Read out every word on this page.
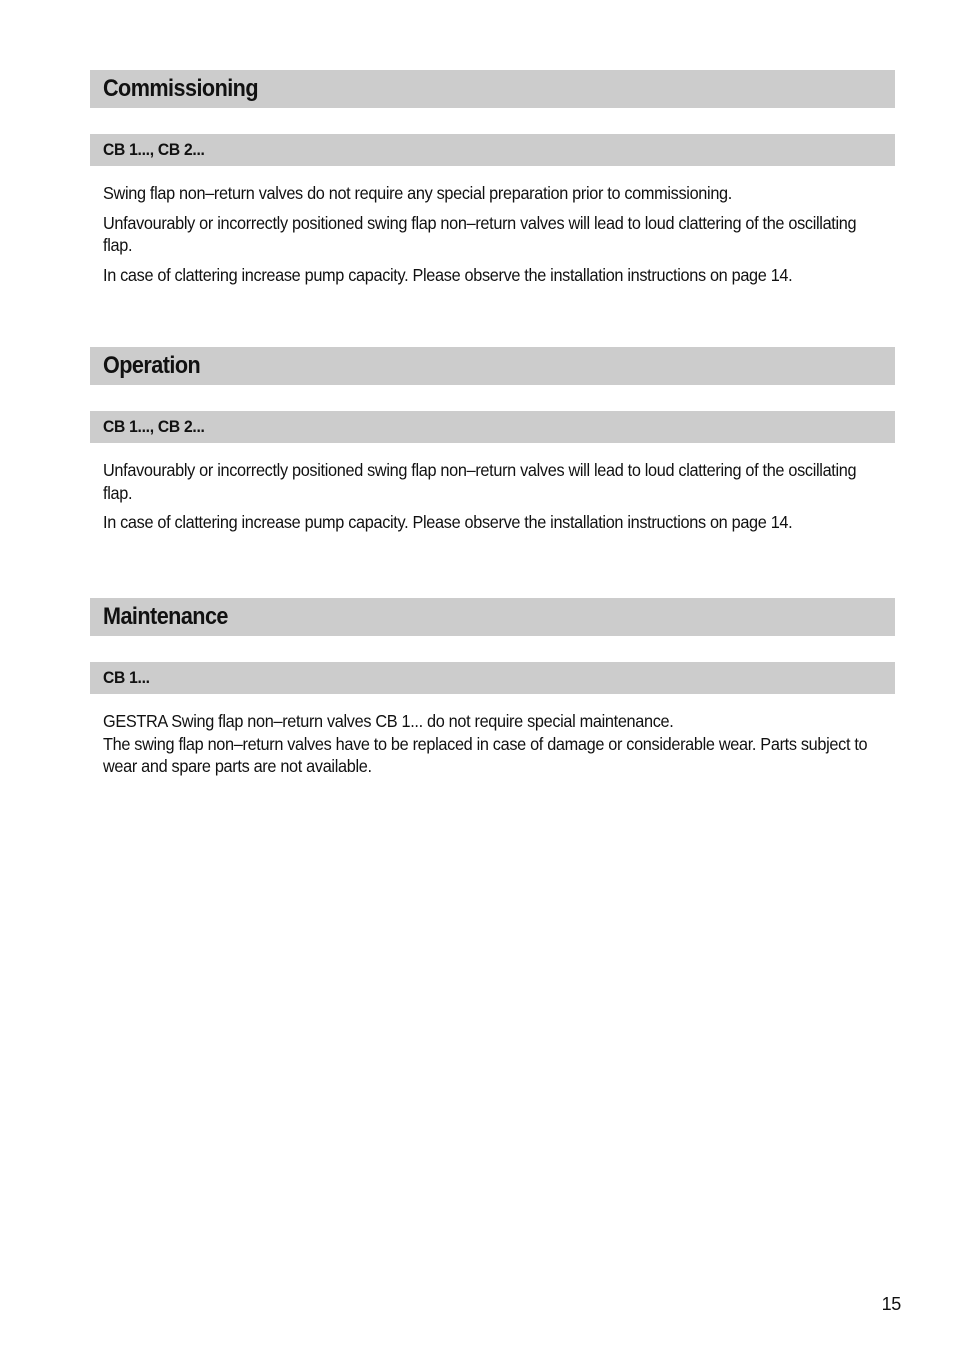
Commissioning
CB 1..., CB 2...

Swing flap non–return valves do not require any special preparation prior to commissioning.

Unfavourably or incorrectly positioned swing flap non–return valves will lead to loud clattering of the oscillating flap.

In case of clattering increase pump capacity. Please observe the installation instructions on page 14.

Operation
CB 1..., CB 2...

Unfavourably or incorrectly positioned swing flap non–return valves will lead to loud clattering of the oscillating flap.

In case of clattering increase pump capacity. Please observe the installation instructions on page 14.

Maintenance
CB 1...

GESTRA Swing flap non–return valves CB 1... do not require special maintenance.

The swing flap non–return valves have to be replaced in case of damage or considerable wear. Parts subject to wear and spare parts are not available.

15
